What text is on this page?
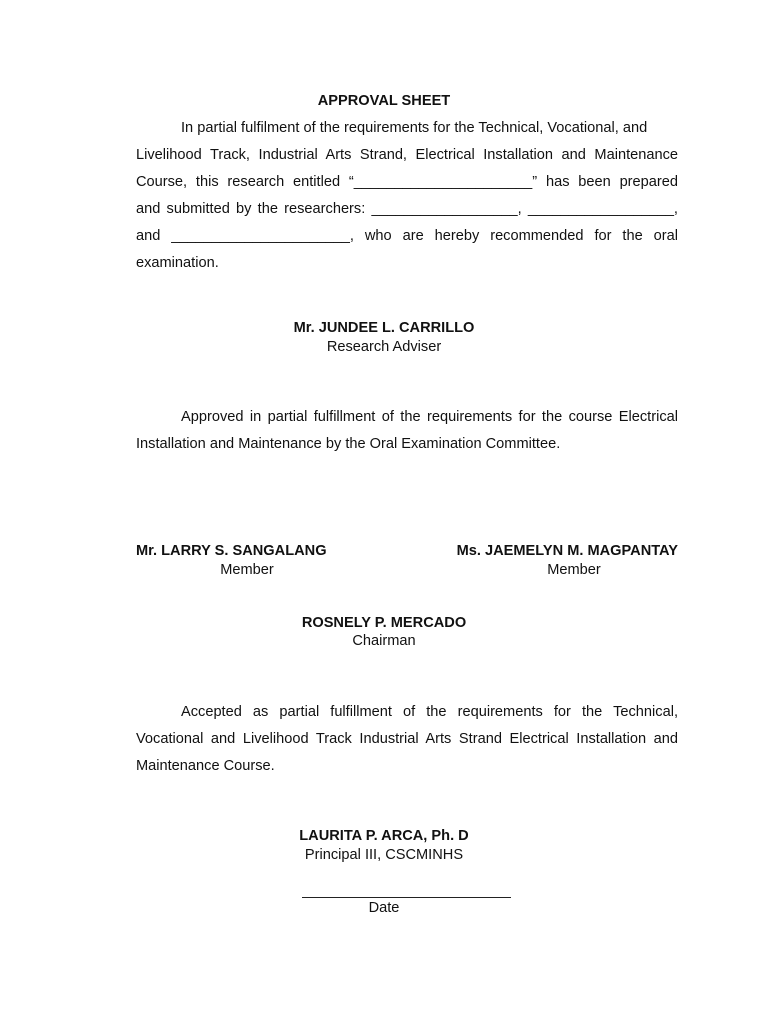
APPROVAL SHEET
In partial fulfilment of the requirements for the Technical, Vocational, and
Livelihood Track, Industrial Arts Strand, Electrical Installation and Maintenance
Course, this research entitled “______________________” has been prepared
and submitted by the researchers: __________________, __________________,
and ______________________, who are hereby recommended for the oral
examination.
Mr. JUNDEE L. CARRILLO
Research Adviser
Approved in partial fulfillment of the requirements for the course Electrical
Installation and Maintenance by the Oral Examination Committee.
Mr. LARRY S. SANGALANG
Member
Ms. JAEMELYN M. MAGPANTAY
Member
ROSNELY P. MERCADO
Chairman
Accepted as partial fulfillment of the requirements for the Technical,
Vocational and Livelihood Track Industrial Arts Strand Electrical Installation and
Maintenance Course.
LAURITA P. ARCA, Ph. D
Principal III, CSCMINHS
Date
